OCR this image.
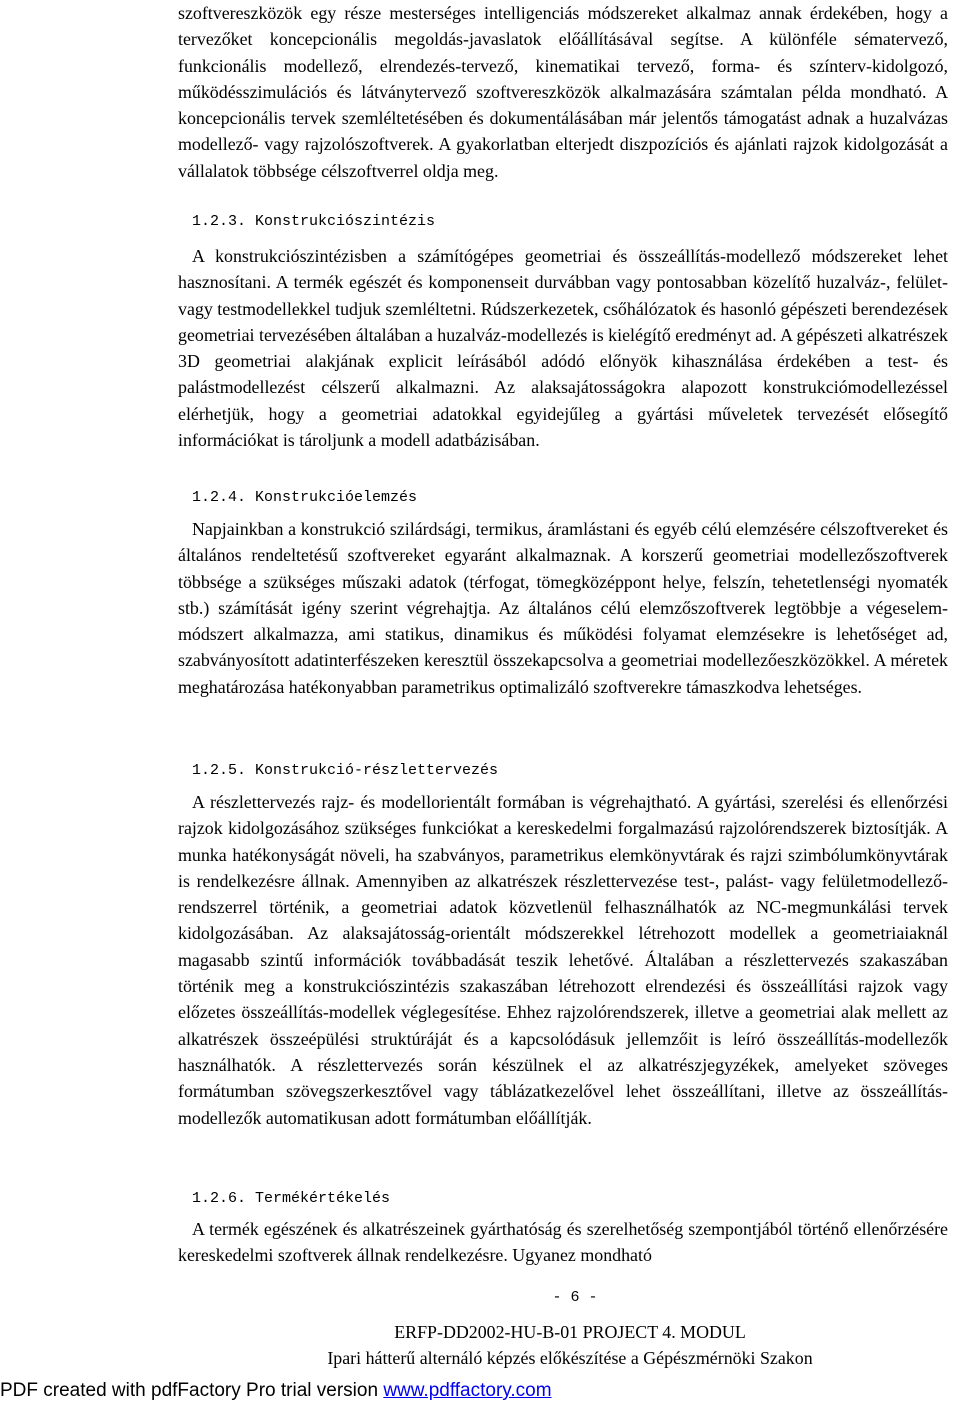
szoftvereszközök egy része mesterséges intelligenciás módszereket alkalmaz annak érdekében, hogy a tervezőket koncepcionális megoldás-javaslatok előállításával segítse. A különféle sématervező, funkcionális modellező, elrendezés-tervező, kinematikai tervező, forma- és színterv-kidolgozó, működésszimulációs és látványtervező szoftvereszközök alkalmazására számtalan példa mondható. A koncepcionális tervek szemléltetésében és dokumentálásában már jelentős támogatást adnak a huzalvázas modellező- vagy rajzolószoftverek. A gyakorlatban elterjedt diszpozíciós és ajánlati rajzok kidolgozását a vállalatok többsége célszoftverrel oldja meg.

1.2.3. Konstrukciószintézis

A konstrukciószintézisben a számítógépes geometriai és összeállítás-modellező módszereket lehet hasznosítani. A termék egészét és komponenseit durvábban vagy pontosabban közelítő huzalváz-, felület- vagy testmodellekkel tudjuk szemléltetni. Rúdszerkezetek, csőhálózatok és hasonló gépészeti berendezések geometriai tervezésében általában a huzalváz-modellezés is kielégítő eredményt ad. A gépészeti alkatrészek 3D geometriai alakjának explicit leírásából adódó előnyök kihasználása érdekében a test- és palástmodellezést célszerű alkalmazni. Az alaksajátosságokra alapozott konstrukciómodellezéssel elérhetjük, hogy a geometriai adatokkal egyidejűleg a gyártási műveletek tervezését elősegítő információkat is tároljunk a modell adatbázisában.

1.2.4. Konstrukcióelemzés

Napjainkban a konstrukció szilárdsági, termikus, áramlástani és egyéb célú elemzésére célszoftvereket és általános rendeltetésű szoftvereket egyaránt alkalmaznak. A korszerű geometriai modellezőszoftverek többsége a szükséges műszaki adatok (térfogat, tömegközéppont helye, felszín, tehetetlenségi nyomaték stb.) számítását igény szerint végrehajtja. Az általános célú elemzőszoftverek legtöbbje a végeselem-módszert alkalmazza, ami statikus, dinamikus és működési folyamat elemzésekre is lehetőséget ad, szabványosított adatinterfészeken keresztül összekapcsolva a geometriai modellezőeszközökkel. A méretek meghatározása hatékonyabban parametrikus optimalizáló szoftverekre támaszkodva lehetséges.

1.2.5. Konstrukció-részlettervezés

A részlettervezés rajz- és modellorientált formában is végrehajtható. A gyártási, szerelési és ellenőrzési rajzok kidolgozásához szükséges funkciókat a kereskedelmi forgalmazású rajzolórendszerek biztosítják. A munka hatékonyságát növeli, ha szabványos, parametrikus elemkönyvtárak és rajzi szimbólumkönyvtárak is rendelkezésre állnak. Amennyiben az alkatrészek részlettervezése test-, palást- vagy felületmodellező-rendszerrel történik, a geometriai adatok közvetlenül felhasználhatók az NC-megmunkálási tervek kidolgozásában. Az alaksajátosság-orientált módszerekkel létrehozott modellek a geometriaiaknál magasabb szintű információk továbbadását teszik lehetővé. Általában a részlettervezés szakaszában történik meg a konstrukciószintézis szakaszában létrehozott elrendezési és összeállítási rajzok vagy előzetes összeállítás-modellek véglegesítése. Ehhez rajzolórendszerek, illetve a geometriai alak mellett az alkatrészek összeépülési struktúráját és a kapcsolódásuk jellemzőit is leíró összeállítás-modellezők használhatók. A részlettervezés során készülnek el az alkatrészjegyzékek, amelyeket szöveges formátumban szövegszerkesztővel vagy táblázatkezelővel lehet összeállítani, illetve az összeállítás-modellezők automatikusan adott formátumban előállítják.

1.2.6. Termékértékelés

A termék egészének és alkatrészeinek gyárthatóság és szerelhetőség szempontjából történő ellenőrzésére kereskedelmi szoftverek állnak rendelkezésre. Ugyanez mondható

- 6 -
ERFP-DD2002-HU-B-01 PROJECT 4. MODUL
Ipari hátterű alternáló képzés előkészítése a Gépészmérnöki Szakon
PDF created with pdfFactory Pro trial version www.pdffactory.com
